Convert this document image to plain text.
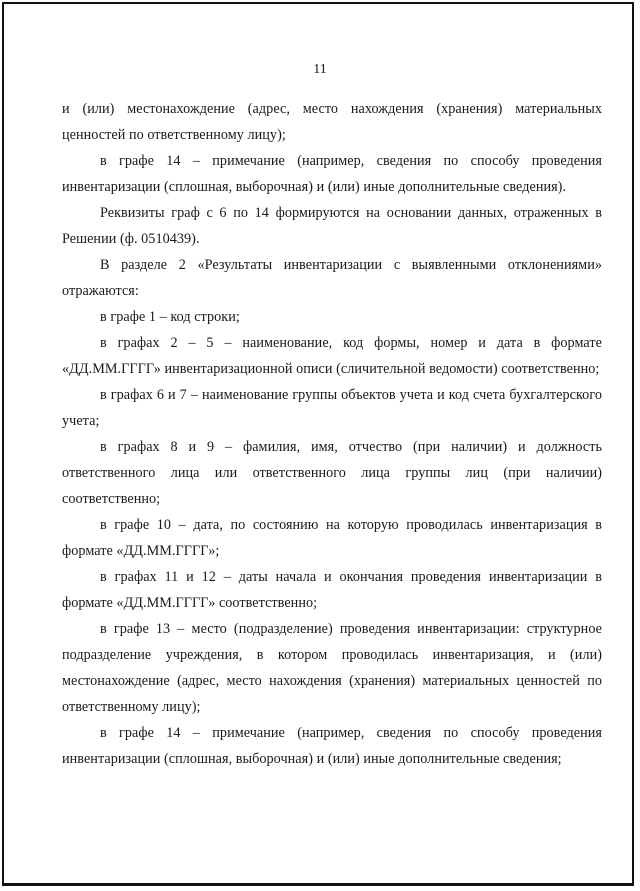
11

и (или) местонахождение (адрес, место нахождения (хранения) материальных ценностей по ответственному лицу);

в графе 14 – примечание (например, сведения по способу проведения инвентаризации (сплошная, выборочная) и (или) иные дополнительные сведения).

Реквизиты граф с 6 по 14 формируются на основании данных, отраженных в Решении (ф. 0510439).

В разделе 2 «Результаты инвентаризации с выявленными отклонениями» отражаются:

в графе 1 – код строки;

в графах 2 – 5 – наименование, код формы, номер и дата в формате «ДД.ММ.ГГГГ» инвентаризационной описи (сличительной ведомости) соответственно;

в графах 6 и 7 – наименование группы объектов учета и код счета бухгалтерского учета;

в графах 8 и 9 – фамилия, имя, отчество (при наличии) и должность ответственного лица или ответственного лица группы лиц (при наличии) соответственно;

в графе 10 – дата, по состоянию на которую проводилась инвентаризация в формате «ДД.ММ.ГГГГ»;

в графах 11 и 12 – даты начала и окончания проведения инвентаризации в формате «ДД.ММ.ГГГГ» соответственно;

в графе 13 – место (подразделение) проведения инвентаризации: структурное подразделение учреждения, в котором проводилась инвентаризация, и (или) местонахождение (адрес, место нахождения (хранения) материальных ценностей по ответственному лицу);

в графе 14 – примечание (например, сведения по способу проведения инвентаризации (сплошная, выборочная) и (или) иные дополнительные сведения;
